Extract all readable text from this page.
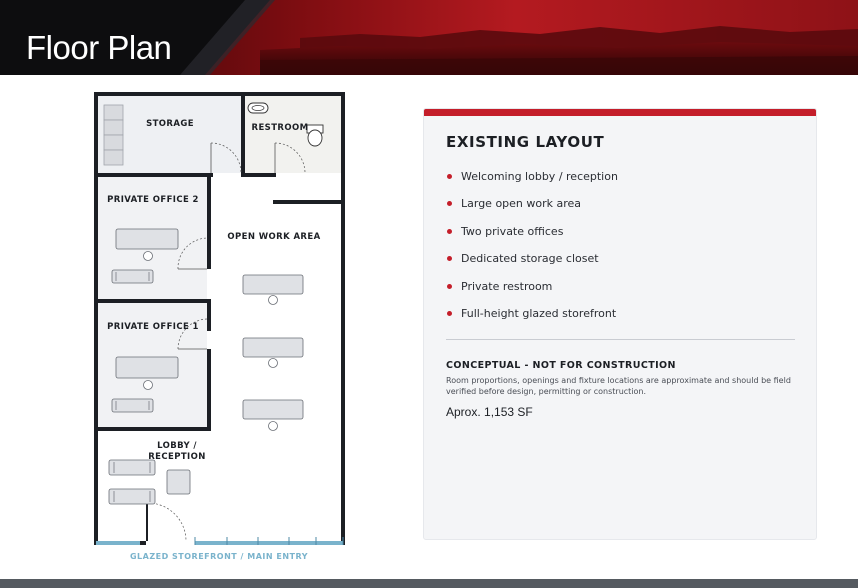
Floor Plan
STORAGE	RESTROOM
PRIVATE OFFICE 2
OPEN WORK AREA
PRIVATE OFFICE 1
LOBBY /
RECEPTION
GLAZED STOREFRONT / MAIN ENTRY
EXISTING LAYOUT
Welcoming lobby / reception
Large open work area
Two private offices
Dedicated storage closet
Private restroom
Full-height glazed storefront
CONCEPTUAL - NOT FOR CONSTRUCTION

Room proportions, openings and fixture locations are approximate and should be field verified before design, permitting or construction.

Aprox. 1,153 SF
